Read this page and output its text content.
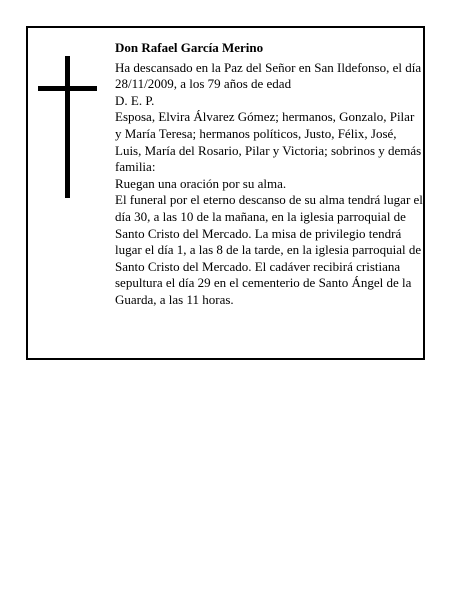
Don Rafael García Merino

Ha descansado en la Paz del Señor en San Ildefonso, el día 28/11/2009, a los 79 años de edad

D. E. P.

Esposa, Elvira Álvarez Gómez; hermanos, Gonzalo, Pilar y María Teresa; hermanos políticos, Justo, Félix, José, Luis, María del Rosario, Pilar y Victoria; sobrinos y demás familia:

Ruegan una oración por su alma.

El funeral por el eterno descanso de su alma tendrá lugar el día 30, a las 10 de la mañana, en la iglesia parroquial de Santo Cristo del Mercado. La misa de privilegio tendrá lugar el día 1, a las 8 de la tarde, en la iglesia parroquial de Santo Cristo del Mercado. El cadáver recibirá cristiana sepultura el día 29 en el cementerio de Santo Ángel de la Guarda, a las 11 horas.
